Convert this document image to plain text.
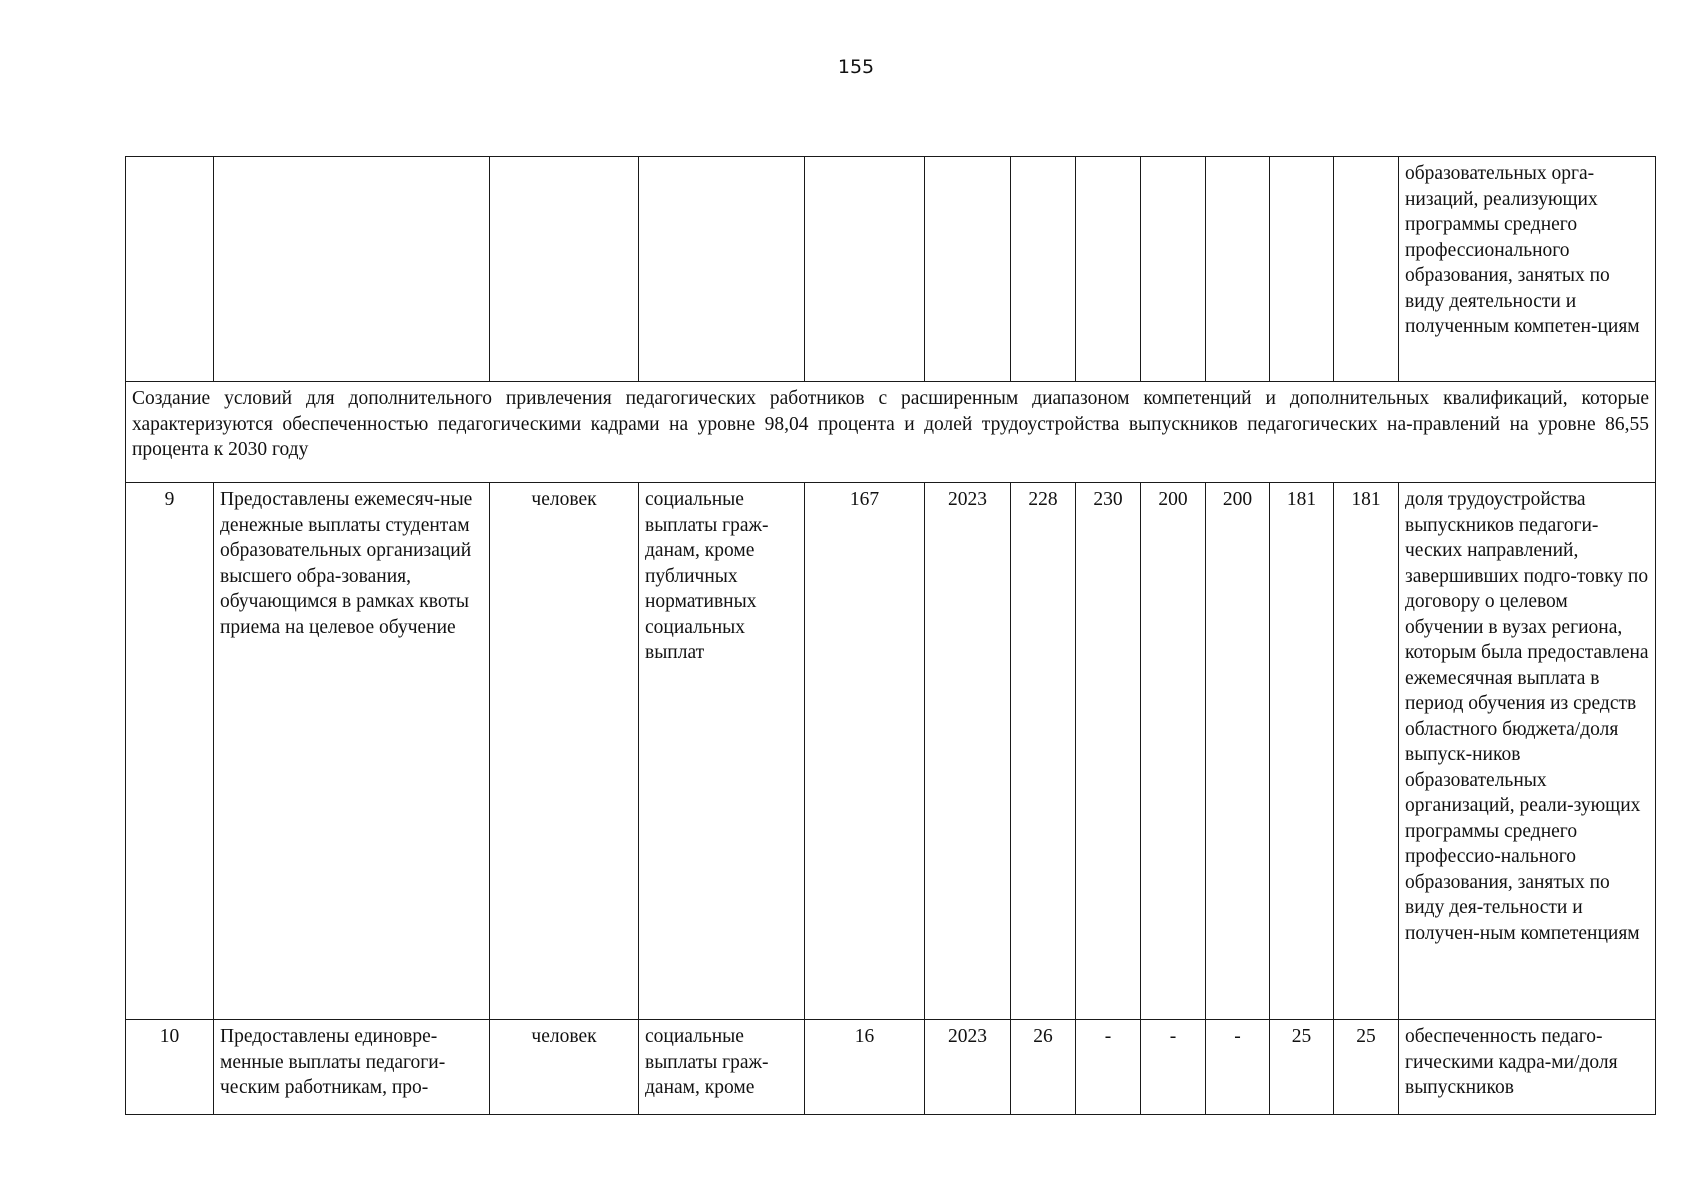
155
												образовательных орга-низаций, реализующих программы среднего профессионального образования, занятых по виду деятельности и полученным компетен-циям
Создание условий для дополнительного привлечения педагогических работников с расширенным диапазоном компетенций и дополнительных квалификаций, которые характеризуются обеспеченностью педагогическими кадрами на уровне 98,04 процента и долей трудоустройства выпускников педагогических на-правлений на уровне 86,55 процента к 2030 году												
9	Предоставлены ежемесяч-ные денежные выплаты студентам образовательных организаций высшего обра-зования, обучающимся в рамках квоты приема на целевое обучение	человек	социальные выплаты граж-данам, кроме публичных нормативных социальных выплат	167	2023	228	230	200	200	181	181	доля трудоустройства выпускников педагоги-ческих направлений, завершивших подго-товку по договору о целевом обучении в вузах региона, которым была предоставлена ежемесячная выплата в период обучения из средств областного бюджета/доля выпуск-ников образовательных организаций, реали-зующих программы среднего профессио-нального образования, занятых по виду дея-тельности и получен-ным компетенциям
10	Предоставлены единовре-менные выплаты педагоги-ческим работникам, про-	человек	социальные выплаты граж-данам, кроме	16	2023	26	-	-	-	25	25	обеспеченность педаго-гическими кадра-ми/доля выпускников
